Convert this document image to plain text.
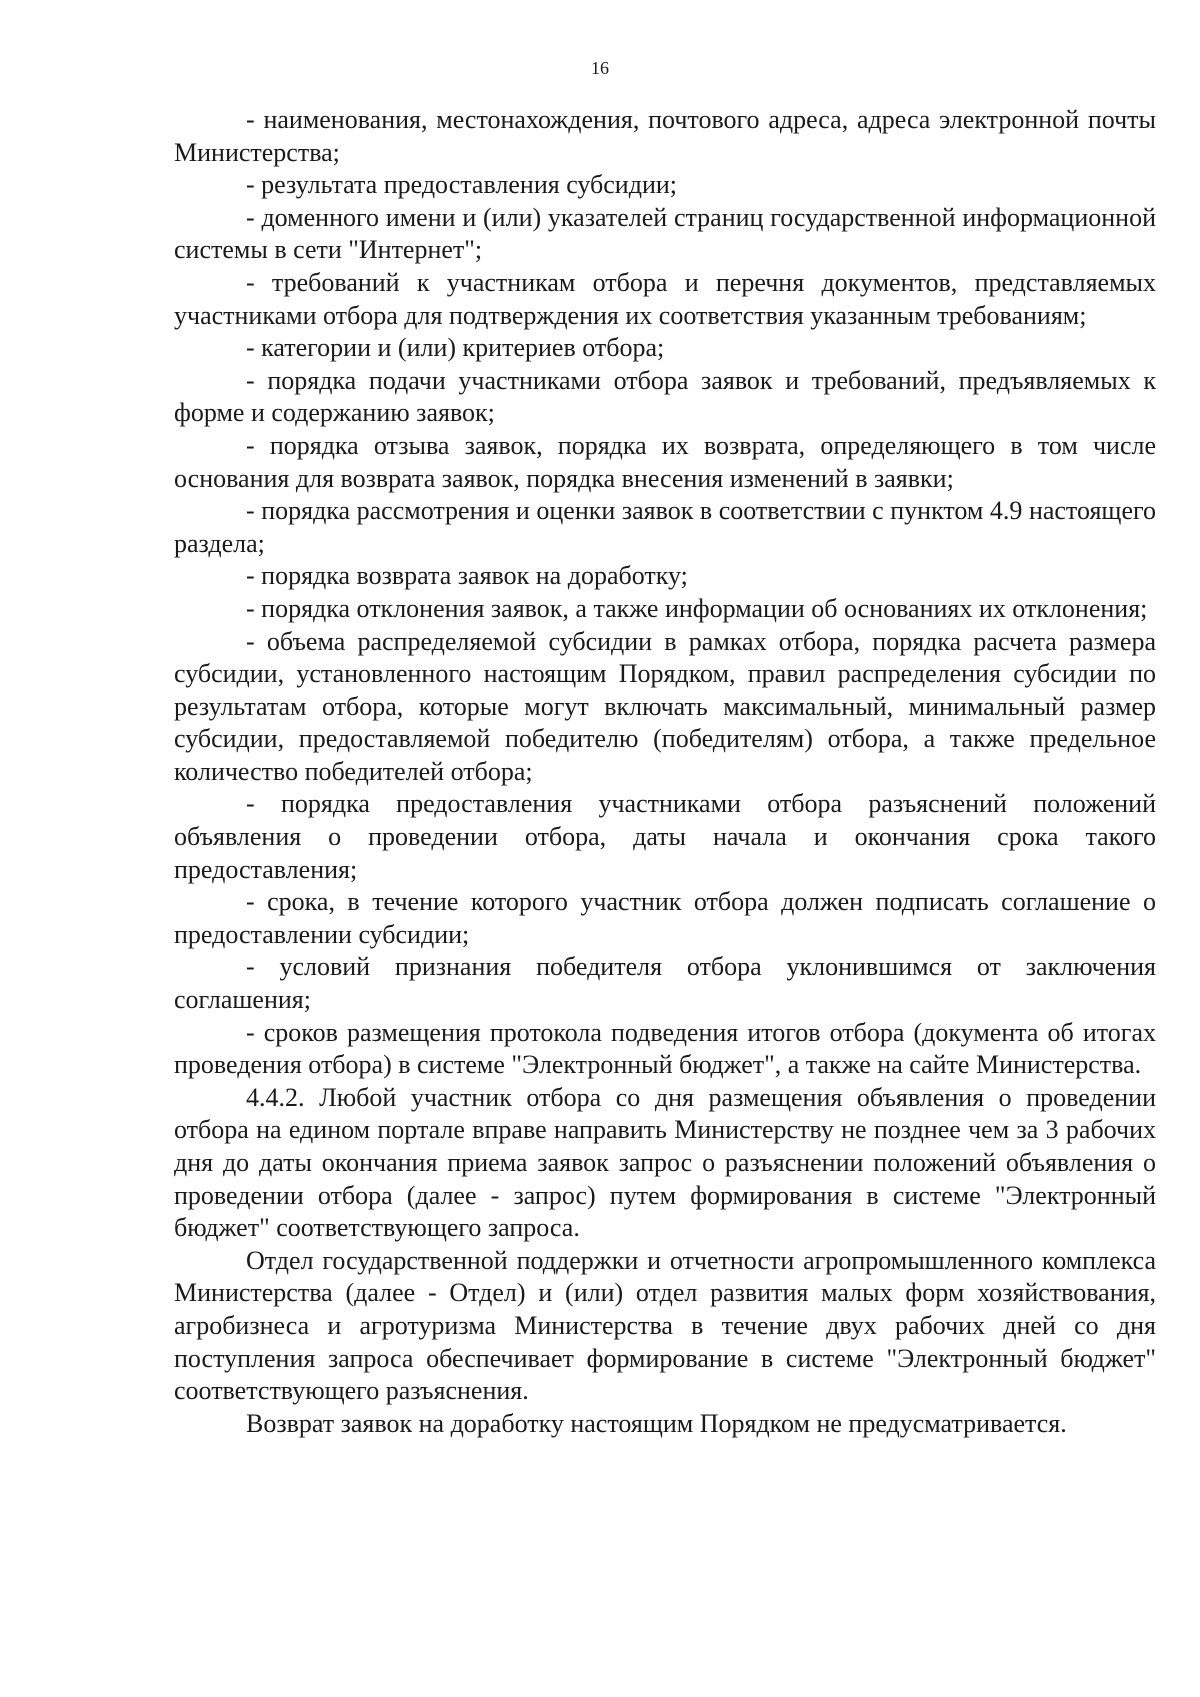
16

- наименования, местонахождения, почтового адреса, адреса электронной почты Министерства;

- результата предоставления субсидии;

- доменного имени и (или) указателей страниц государственной информационной системы в сети "Интернет";

- требований к участникам отбора и перечня документов, представляемых участниками отбора для подтверждения их соответствия указанным требованиям;

- категории и (или) критериев отбора;

- порядка подачи участниками отбора заявок и требований, предъявляемых к форме и содержанию заявок;

- порядка отзыва заявок, порядка их возврата, определяющего в том числе основания для возврата заявок, порядка внесения изменений в заявки;

- порядка рассмотрения и оценки заявок в соответствии с пунктом 4.9 настоящего раздела;

- порядка возврата заявок на доработку;

- порядка отклонения заявок, а также информации об основаниях их отклонения;

- объема распределяемой субсидии в рамках отбора, порядка расчета размера субсидии, установленного настоящим Порядком, правил распределения субсидии по результатам отбора, которые могут включать максимальный, минимальный размер субсидии, предоставляемой победителю (победителям) отбора, а также предельное количество победителей отбора;

- порядка предоставления участниками отбора разъяснений положений объявления о проведении отбора, даты начала и окончания срока такого предоставления;

- срока, в течение которого участник отбора должен подписать соглашение о предоставлении субсидии;

- условий признания победителя отбора уклонившимся от заключения соглашения;

- сроков размещения протокола подведения итогов отбора (документа об итогах проведения отбора) в системе "Электронный бюджет", а также на сайте Министерства.

4.4.2. Любой участник отбора со дня размещения объявления о проведении отбора на едином портале вправе направить Министерству не позднее чем за 3 рабочих дня до даты окончания приема заявок запрос о разъяснении положений объявления о проведении отбора (далее - запрос) путем формирования в системе "Электронный бюджет" соответствующего запроса.

Отдел государственной поддержки и отчетности агропромышленного комплекса Министерства (далее - Отдел) и (или) отдел развития малых форм хозяйствования, агробизнеса и агротуризма Министерства в течение двух рабочих дней со дня поступления запроса обеспечивает формирование в системе "Электронный бюджет" соответствующего разъяснения.

Возврат заявок на доработку настоящим Порядком не предусматривается.
